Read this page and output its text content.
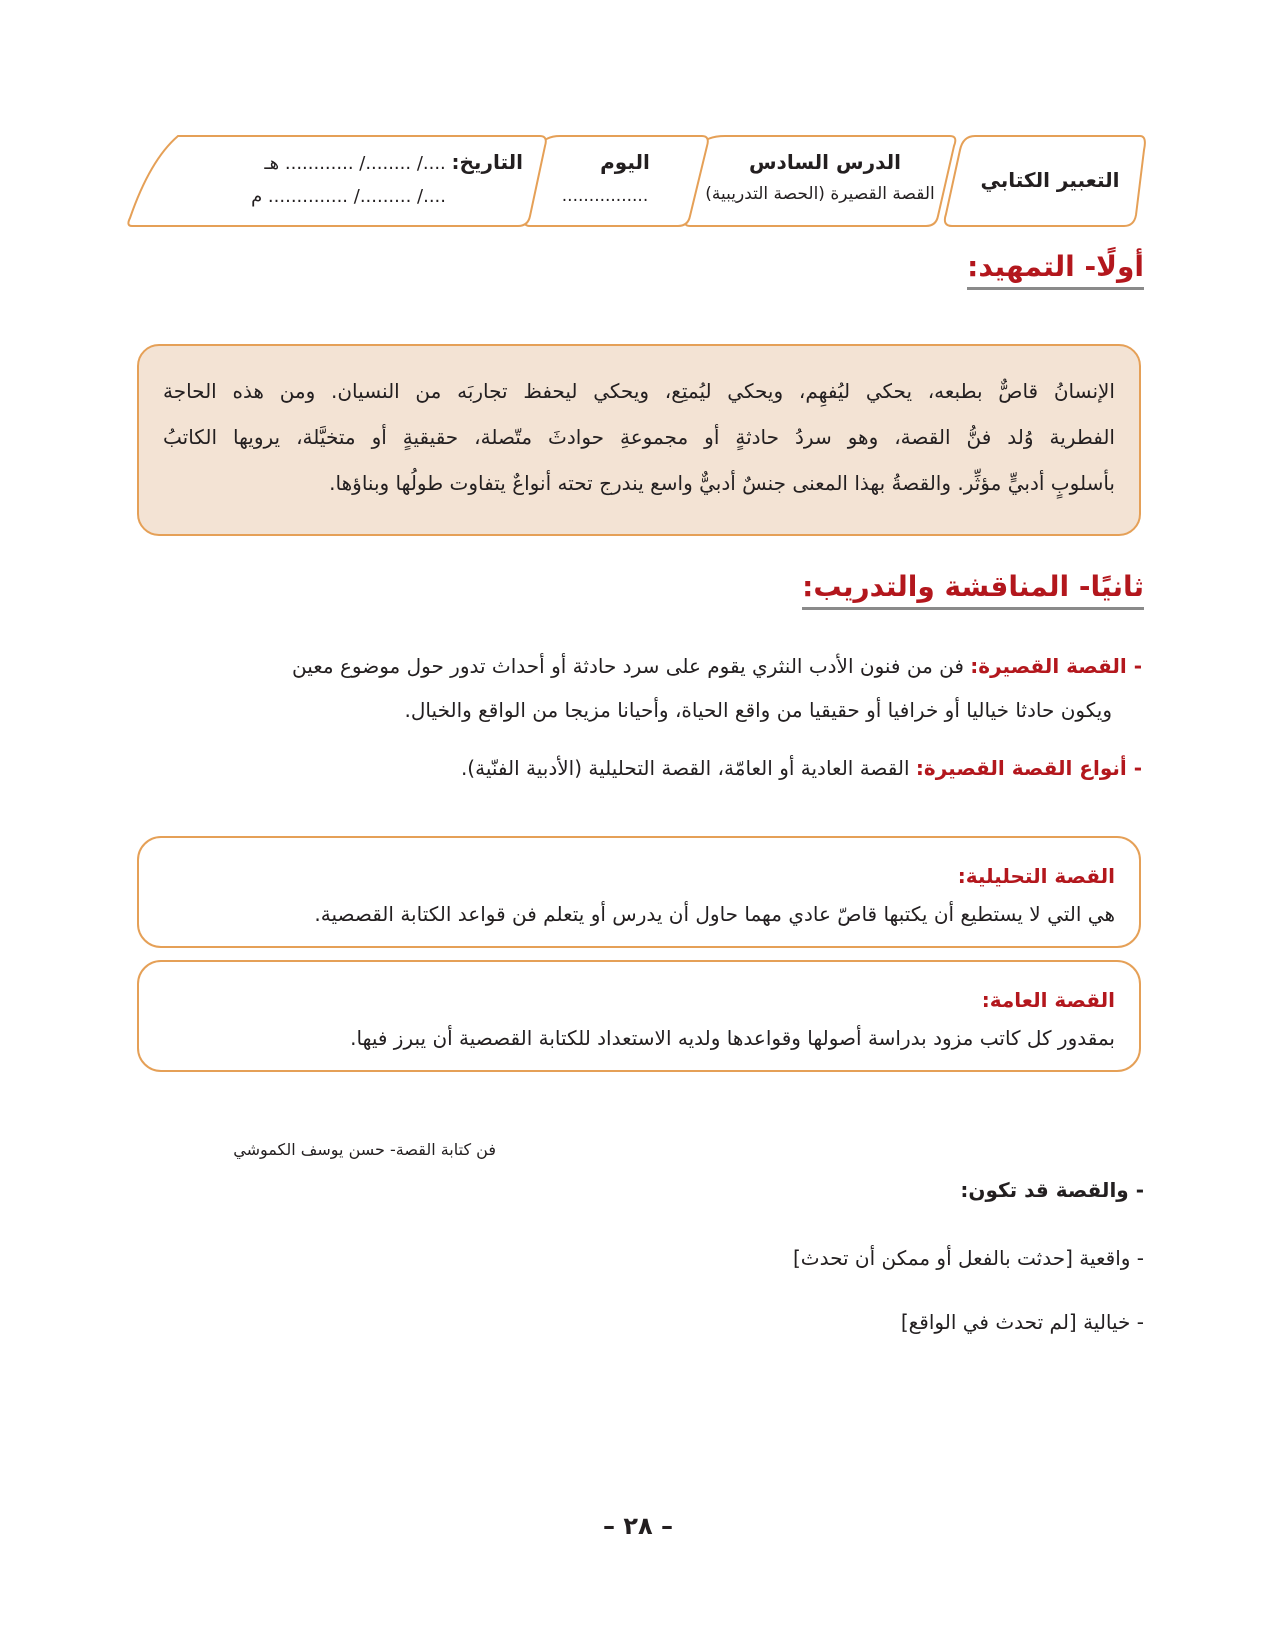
التعبير الكتابي
الدرس السادس
القصة القصيرة (الحصة التدريبية)
اليوم
................
التاريخ: ..../ ......../ ............ هـ
..../ ........./ .............. م
أولًا- التمهيد:
الإنسانُ قاصٌّ بطبعه، يحكي ليُفهِم، ويحكي ليُمتِع، ويحكي ليحفظ تجاربَه من النسيان. ومن هذه الحاجة
الفطرية وُلد فنُّ القصة، وهو سردُ حادثةٍ أو مجموعةِ حوادثَ متّصلة، حقيقيةٍ أو متخيَّلة، يرويها الكاتبُ
بأسلوبٍ أدبيٍّ مؤثِّر. والقصةُ بهذا المعنى جنسٌ أدبيٌّ واسع يندرج تحته أنواعٌ يتفاوت طولُها وبناؤها.
ثانيًا- المناقشة والتدريب:
- القصة القصيرة: فن من فنون الأدب النثري يقوم على سرد حادثة أو أحداث تدور حول موضوع معين
ويكون حادثا خياليا أو خرافيا أو حقيقيا من واقع الحياة، وأحيانا مزيجا من الواقع والخيال.
- أنواع القصة القصيرة: القصة العادية أو العامّة، القصة التحليلية (الأدبية الفنّية).
القصة التحليلية:
هي التي لا يستطيع أن يكتبها قاصّ عادي مهما حاول أن يدرس أو يتعلم فن قواعد الكتابة القصصية.
القصة العامة:
بمقدور كل كاتب مزود بدراسة أصولها وقواعدها ولديه الاستعداد للكتابة القصصية أن يبرز فيها.
فن كتابة القصة- حسن يوسف الكموشي
- والقصة قد تكون:
- واقعية [حدثت بالفعل أو ممكن أن تحدث]
- خيالية [لم تحدث في الواقع]
– ٢٨ –
